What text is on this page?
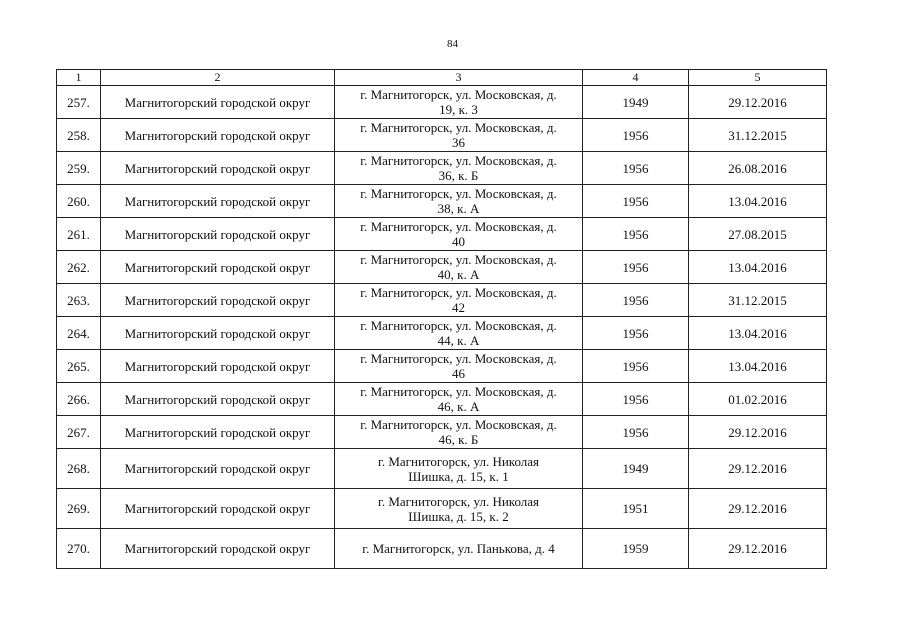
84
1	2	3	4	5
257.	Магнитогорский городской округ	г. Магнитогорск, ул. Московская, д. 19, к. 3	1949	29.12.2016
258.	Магнитогорский городской округ	г. Магнитогорск, ул. Московская, д. 36	1956	31.12.2015
259.	Магнитогорский городской округ	г. Магнитогорск, ул. Московская, д. 36, к. Б	1956	26.08.2016
260.	Магнитогорский городской округ	г. Магнитогорск, ул. Московская, д. 38, к. А	1956	13.04.2016
261.	Магнитогорский городской округ	г. Магнитогорск, ул. Московская, д. 40	1956	27.08.2015
262.	Магнитогорский городской округ	г. Магнитогорск, ул. Московская, д. 40, к. А	1956	13.04.2016
263.	Магнитогорский городской округ	г. Магнитогорск, ул. Московская, д. 42	1956	31.12.2015
264.	Магнитогорский городской округ	г. Магнитогорск, ул. Московская, д. 44, к. А	1956	13.04.2016
265.	Магнитогорский городской округ	г. Магнитогорск, ул. Московская, д. 46	1956	13.04.2016
266.	Магнитогорский городской округ	г. Магнитогорск, ул. Московская, д. 46, к. А	1956	01.02.2016
267.	Магнитогорский городской округ	г. Магнитогорск, ул. Московская, д. 46, к. Б	1956	29.12.2016
268.	Магнитогорский городской округ	г. Магнитогорск, ул. Николая Шишка, д. 15, к. 1	1949	29.12.2016
269.	Магнитогорский городской округ	г. Магнитогорск, ул. Николая Шишка, д. 15, к. 2	1951	29.12.2016
270.	Магнитогорский городской округ	г. Магнитогорск, ул. Панькова, д. 4	1959	29.12.2016
